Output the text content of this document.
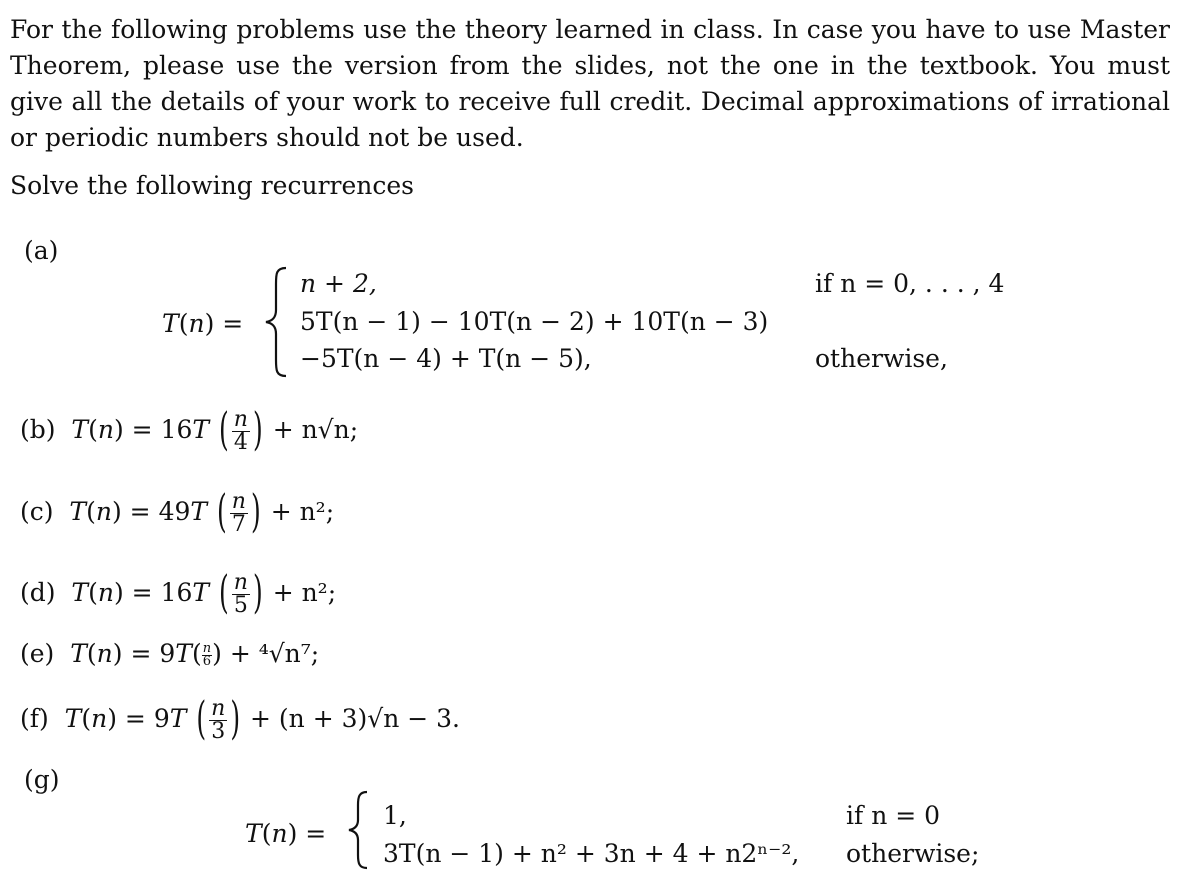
For the following problems use the theory learned in class. In case you have to use Master Theorem, please use the version from the slides, not the one in the textbook. You must give all the details of your work to receive full credit. Decimal approximations of irrational or periodic numbers should not be used.
Solve the following recurrences
(a)
T(n) =
n + 2,	if n = 0, . . . , 4
5T(n − 1) − 10T(n − 2) + 10T(n − 3)
−5T(n − 4) + T(n − 5),	otherwise,
(b)  T(n) = 16T ( $\frac{n}{4}$ ) + n√n;
(c)  T(n) = 49T ( $\frac{n}{7}$ ) + n²;
(d)  T(n) = 16T ( $\frac{n}{5}$ ) + n²;
(e)  $T(n) = 9T( \frac{n}{6}$ ) + ⁴√n⁷;
(f)  T(n) = 9T ( $\frac{n}{3}$ ) + (n + 3)√n − 3.
(g)
T(n) =
1,	if n = 0
3T(n − 1) + n² + 3n + 4 + n2ⁿ⁻², otherwise;
